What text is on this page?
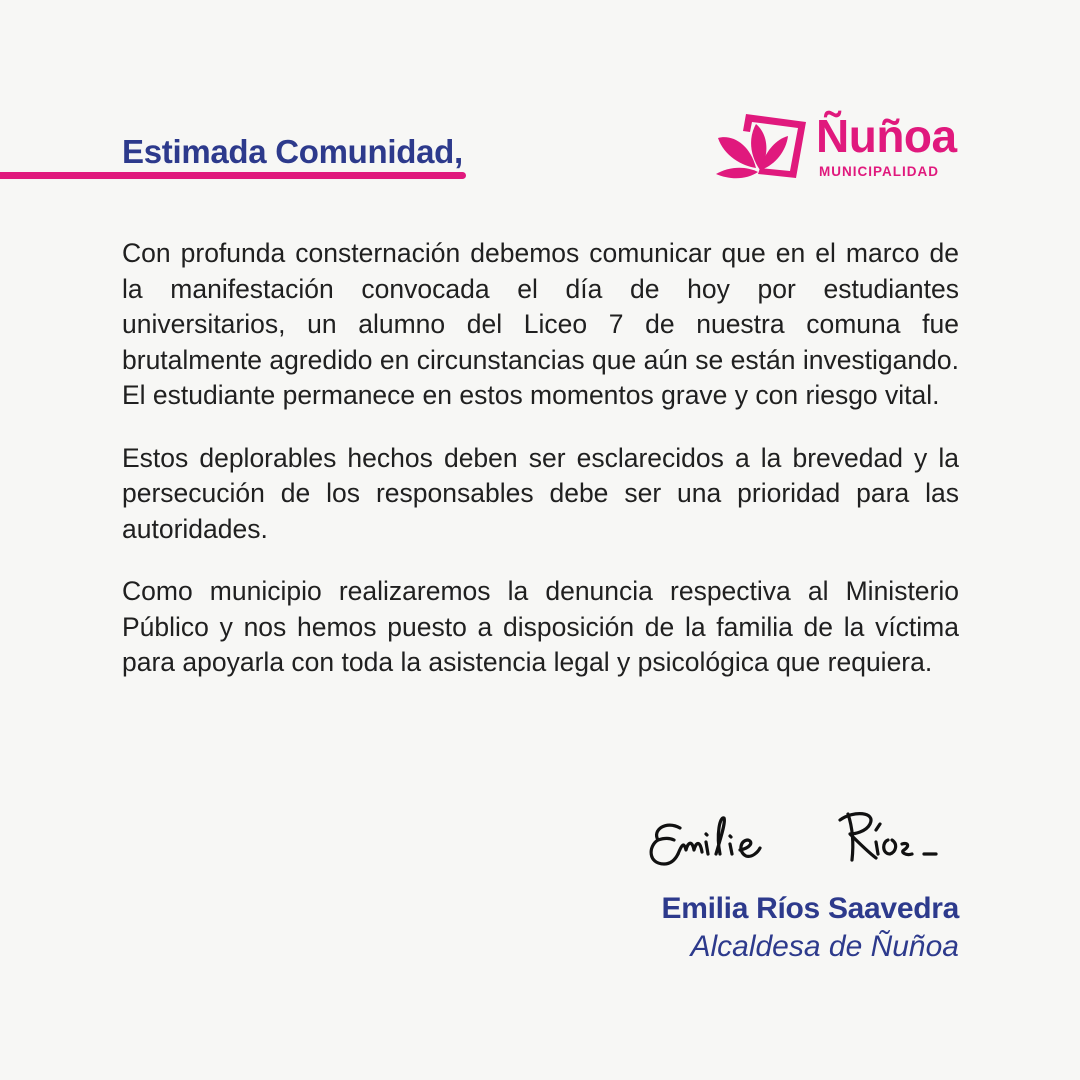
Estimada Comunidad,	Ñuñoa
MUNICIPALIDAD

Con profunda consternación debemos comunicar que en el marco de la manifestación convocada el día de hoy por estudiantes universitarios, un alumno del Liceo 7 de nuestra comuna fue brutalmente agredido en circunstancias que aún se están investigando. El estudiante permanece en estos momentos grave y con riesgo vital.

Estos deplorables hechos deben ser esclarecidos a la brevedad y la persecución de los responsables debe ser una prioridad para las autoridades.

Como municipio realizaremos la denuncia respectiva al Ministerio Público y nos hemos puesto a disposición de la familia de la víctima para apoyarla con toda la asistencia legal y psicológica que requiera.

Emilia Ríos Saavedra
Alcaldesa de Ñuñoa
